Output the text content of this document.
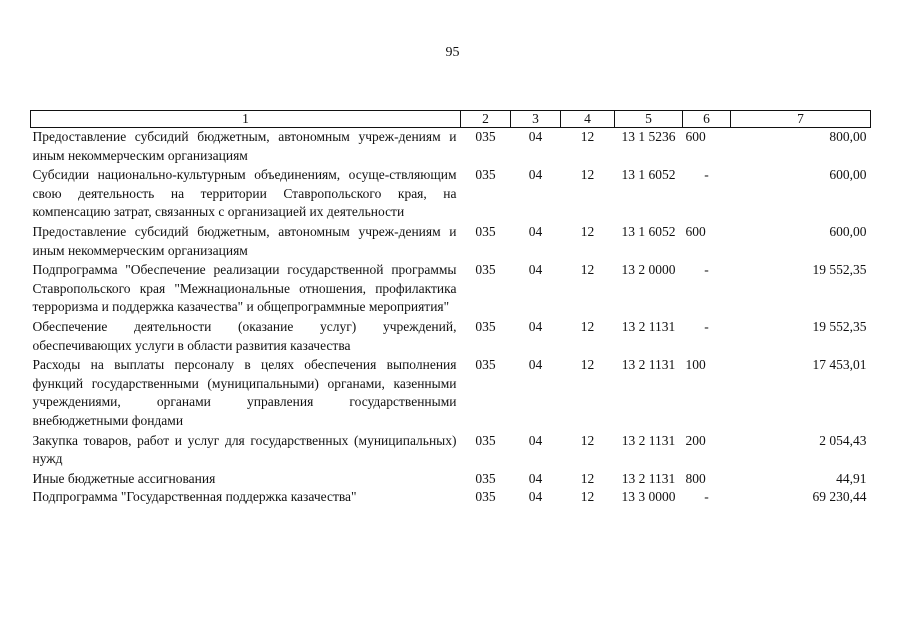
95
1	2	3	4	5	6	7
Предоставление субсидий бюджетным, автономным учреж-дениям и иным некоммерческим организациям	035	04	12	13 1 5236	600	800,00
Субсидии национально-культурным объединениям, осуще-ствляющим свою деятельность на территории Ставропольского края, на компенсацию затрат, связанных с организацией их деятельности	035	04	12	13 1 6052	-	600,00
Предоставление субсидий бюджетным, автономным учреж-дениям и иным некоммерческим организациям	035	04	12	13 1 6052	600	600,00
Подпрограмма "Обеспечение реализации государственной программы Ставропольского края "Межнациональные отношения, профилактика терроризма и поддержка казачества" и общепрограммные мероприятия"	035	04	12	13 2 0000	-	19 552,35
Обеспечение деятельности (оказание услуг) учреждений, обеспечивающих услуги в области развития казачества	035	04	12	13 2 1131	-	19 552,35
Расходы на выплаты персоналу в целях обеспечения выполнения функций государственными (муниципальными) органами, казенными учреждениями, органами управления государственными внебюджетными фондами	035	04	12	13 2 1131	100	17 453,01
Закупка товаров, работ и услуг для государственных (муниципальных) нужд	035	04	12	13 2 1131	200	2 054,43
Иные бюджетные ассигнования	035	04	12	13 2 1131	800	44,91
Подпрограмма "Государственная поддержка казачества"	035	04	12	13 3 0000	-	69 230,44
